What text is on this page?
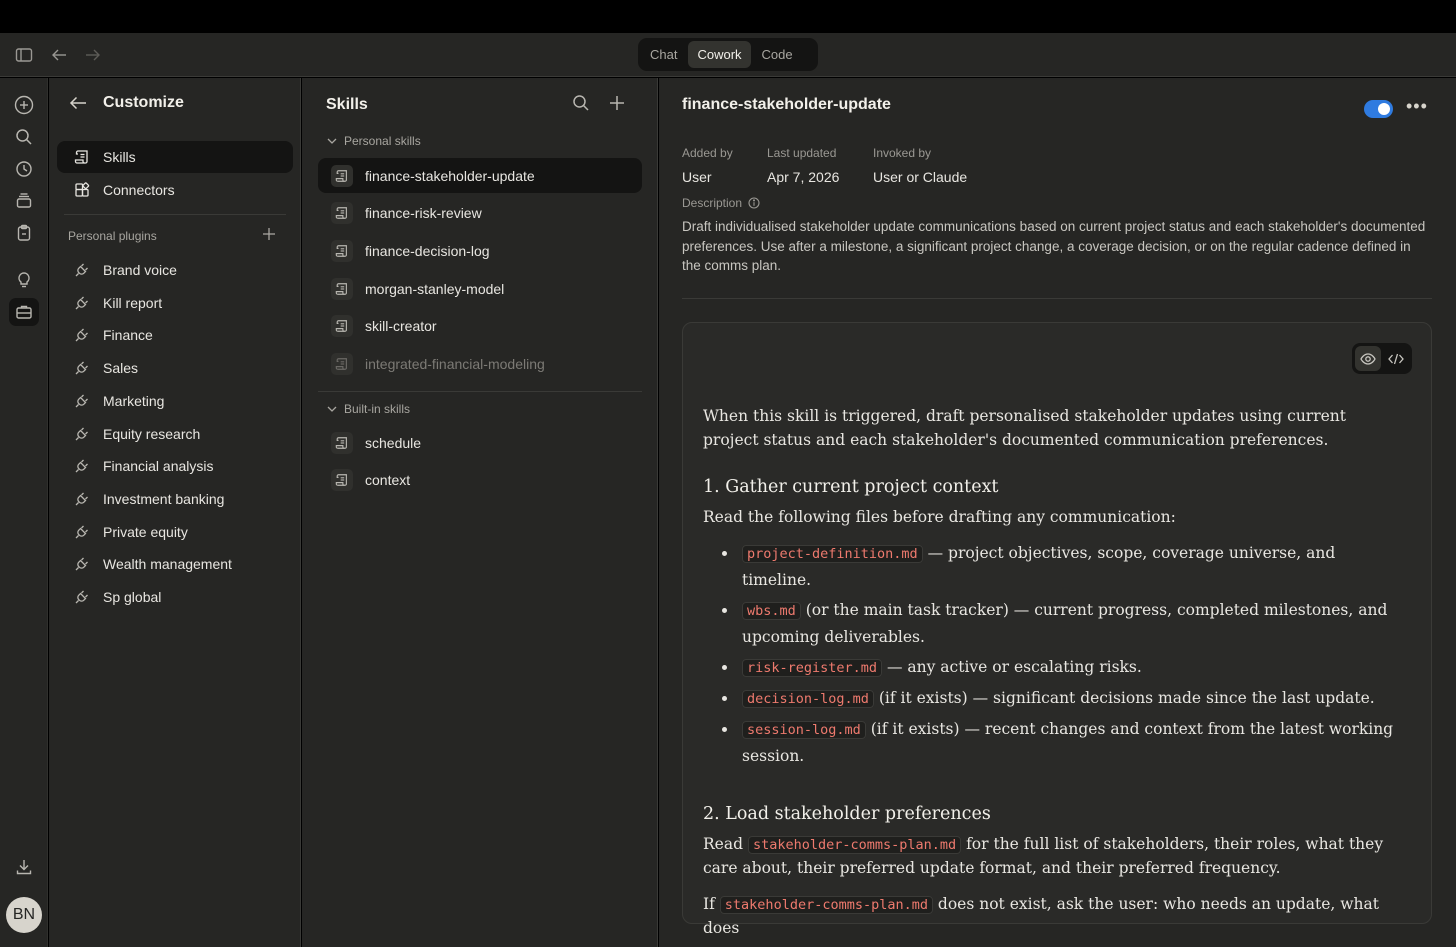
Chat	Cowork	Code
BN
Customize
Skills
Connectors
Personal plugins
Brand voice
Kill report
Finance
Sales
Marketing
Equity research
Financial analysis
Investment banking
Private equity
Wealth management
Sp global
Skills
Personal skills
finance-stakeholder-update
finance-risk-review
finance-decision-log
morgan-stanley-model
skill-creator
integrated-financial-modeling
Built-in skills
schedule
context
finance-stakeholder-update	•••
Added by
User
Last updated
Apr 7, 2026
Invoked by
User or Claude
Description
Draft individualised stakeholder update communications based on current project status and each stakeholder's documented preferences. Use after a milestone, a significant project change, a coverage decision, or on the regular cadence defined in the comms plan.

When this skill is triggered, draft personalised stakeholder updates using current project status and each stakeholder's documented communication preferences.

1. Gather current project context

Read the following files before drafting any communication:

project-definition.md — project objectives, scope, coverage universe, and timeline.
wbs.md (or the main task tracker) — current progress, completed milestones, and upcoming deliverables.
risk-register.md — any active or escalating risks.
decision-log.md (if it exists) — significant decisions made since the last update.
session-log.md (if it exists) — recent changes and context from the latest working session.
2. Load stakeholder preferences

Read stakeholder-comms-plan.md for the full list of stakeholders, their roles, what they care about, their preferred update format, and their preferred frequency.

If stakeholder-comms-plan.md does not exist, ask the user: who needs an update, what does
